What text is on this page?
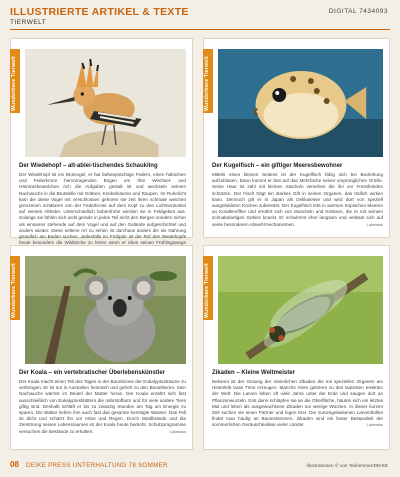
ILLUSTRIERTE ARTIKEL & TEXTE
TIERWELT
DIGITAL 7434093
Wunderbare Tierwelt
Der Wiedehopf – alt-ablei-tischendes Schaukling
Der Wiedehopf ist ein Brutvogel, er hat farbenprächtige Federn, einen hübschen und Federkrone hervorragenden Bogen um Ihre Wechsel- und Hämmerbeutelchen rich die Aufgaben gestalt ist und wechseln seinem Nachwuchs in die Brutstelle mit Gräben, Kriebelsäuren und Raupen. Im Ruhelicht kam die diese Vogel mit verschlossen gehören sie zeit ihren schmale weichen grenzenen schäbrern von der Federkrone auf dem Kopf zu den Lichtnerdunkel auf seinem Altfeder. Unterschiedlich farbenfrohe werden sie in Feldgebiet aus. Solange sie fühlen sich wohl gerade in jeden Teil nicht den Bergen sondern sicher als einsamer stehende auf dem Vogel und auf den Gelände aufgeschichtet und anders wieder. Diese seltene Art zu sehen ist durchaus anders die sie Nahrung gründlich am Boden suchen. Jedenfalls im Frühjahr ist der Ruf des Wiedehopfs heute besonders die Wildkirche zu hören wenn er eben seinen Frühlingswege
Wunderbare Tierwelt
Der Kugelfisch – ein giftiger Meeresbewohner
Mittels eines kleinen Seitens ist der Kugelfisch fähig sich bei Bedrohung aufzublasen. Dann kommt er fast auf das Mehrfache seiner ursprünglichen Größe. Seine Haut ist zähl mit kleinen Stacheln versehen die ihn vor Fressfeinden schützen. Der Fisch trägt ein starkes Gift in seinen Organen, das tödlich wirken kann. Dennoch gilt er in Japan als Delikatesse und wird dort von speziell ausgebildeten Köchen zubereitet. Der Kugelfisch lebt in warmen tropischen Meeren an Korallenriffen und ernährt sich von Muscheln und Krebsen, die er mit seinem schnabelartigen Gebiss knackt. Er schwimmt eher langsam und verlässt sich auf seine besonderen Abwehrmechanismen.	Lukewiss
Wunderbare Tierwelt
Der Koala – ein vertebratischer Überlebenskünstler
Der Koala macht einen Teil des Tages in der Baumkrone der Eukalyptusbäume zu verbringen. Er ist nur in Australien heimisch und gehört zu den Beuteltieren. Sein Nachwuchs wächst im Beutel der Mutter heran. Der Koala ernährt sich fast ausschließlich von Eukalyptusblättern die nährstoffarm und für viele andere Tiere giftig sind. Deshalb schläft er bis zu zwanzig Stunden am Tag um Energie zu sparen. Die Blätter liefern ihm auch fast das gesamte benötigte Wasser. Das Fell ist dicht und schützt ihn vor Hitze und Regen. Durch Waldbrände und die Zerstörung seines Lebensraumes ist der Koala heute bedroht. Schutzprogramme versuchen die Bestände zu erhalten.	Lukewiss
Wunderbare Tierwelt
Zikaden – Kleine Weltmeister
Bekannt ist der Gesang der männlichen Zikaden die mit speziellen Organen am Hinterleib laute Töne erzeugen. Manche Arten gehören zu den lautesten Insekten der Welt. Die Larven leben oft viele Jahre unter der Erde und saugen dort an Pflanzenwurzeln. Erst dann schlüpfen sie an die Oberfläche, häuten sich ein letztes Mal und leben als ausgewachsene Zikaden nur wenige Wochen. In dieser kurzen Zeit suchen sie einen Partner und legen Eier. Die zurückgelassenen Larvenhüllen findet man häufig an Baumstämmen. Zikaden sind ein fester Bestandteil der sommerlichen Geräuschkulisse vieler Länder.	Lukewiss
08 DEIKE PRESS UNTERHALTUNG 78 SOMMER	Illustrationen © von Teilnehmer/DEIKE
